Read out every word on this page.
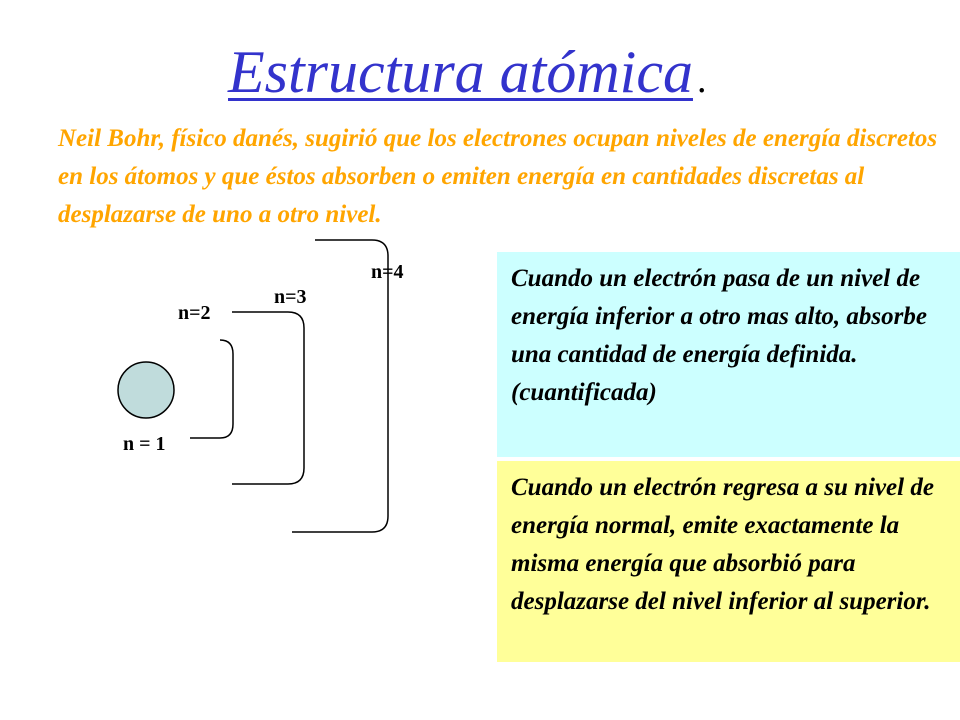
Estructura atómica .
Neil Bohr, físico danés, sugirió que los electrones ocupan niveles de energía discretos en los átomos y que éstos absorben o emiten energía en cantidades discretas al desplazarse de uno a otro nivel.
n = 1
n=2
n=3
n=4	Cuando un electrón pasa de un nivel de energía inferior a otro mas alto, absorbe una cantidad de energía definida. (cuantificada)
Cuando un electrón regresa a su nivel de energía normal, emite exactamente la misma energía que absorbió para desplazarse del nivel inferior al superior.
